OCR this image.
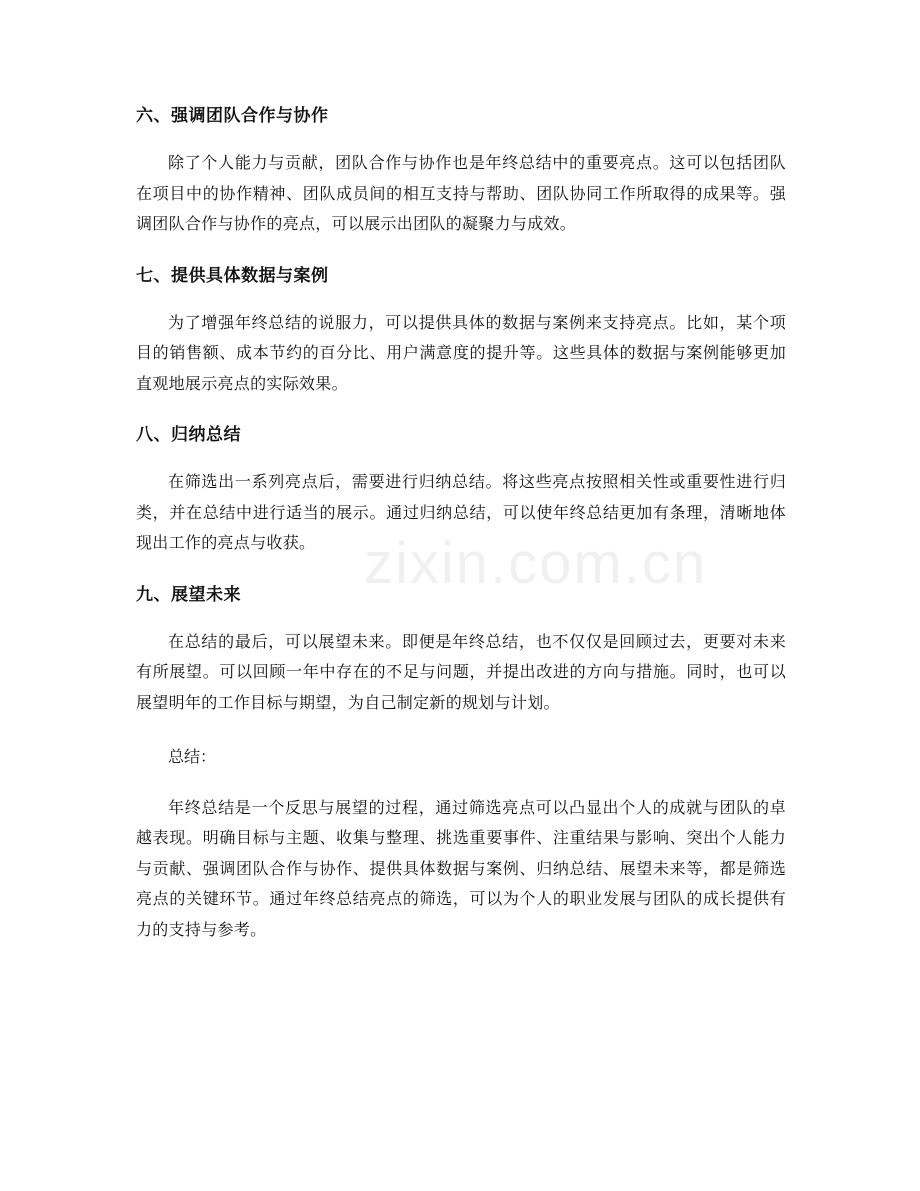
六、强调团队合作与协作

除了个人能力与贡献，团队合作与协作也是年终总结中的重要亮点。这可以包括团队在项目中的协作精神、团队成员间的相互支持与帮助、团队协同工作所取得的成果等。强调团队合作与协作的亮点，可以展示出团队的凝聚力与成效。

七、提供具体数据与案例

为了增强年终总结的说服力，可以提供具体的数据与案例来支持亮点。比如，某个项目的销售额、成本节约的百分比、用户满意度的提升等。这些具体的数据与案例能够更加直观地展示亮点的实际效果。

八、归纳总结

在筛选出一系列亮点后，需要进行归纳总结。将这些亮点按照相关性或重要性进行归类，并在总结中进行适当的展示。通过归纳总结，可以使年终总结更加有条理，清晰地体现出工作的亮点与收获。

九、展望未来

在总结的最后，可以展望未来。即便是年终总结，也不仅仅是回顾过去，更要对未来有所展望。可以回顾一年中存在的不足与问题，并提出改进的方向与措施。同时，也可以展望明年的工作目标与期望，为自己制定新的规划与计划。

总结：

年终总结是一个反思与展望的过程，通过筛选亮点可以凸显出个人的成就与团队的卓越表现。明确目标与主题、收集与整理、挑选重要事件、注重结果与影响、突出个人能力与贡献、强调团队合作与协作、提供具体数据与案例、归纳总结、展望未来等，都是筛选亮点的关键环节。通过年终总结亮点的筛选，可以为个人的职业发展与团队的成长提供有力的支持与参考。

zixin.com.cn
